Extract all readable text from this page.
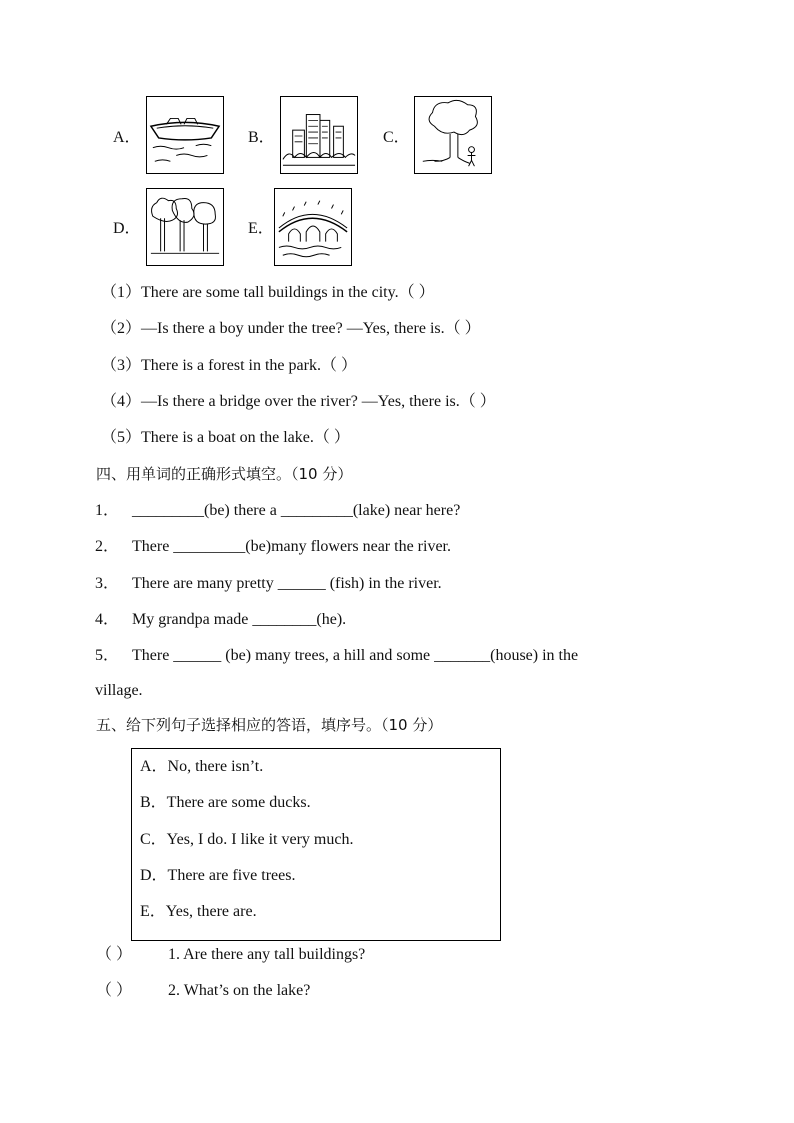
A．	B．	C．
D．	E．
（1）There are some tall buildings in the city.（ ）
（2）—Is there a boy under the tree? —Yes, there is.（ ）
（3）There is a forest in the park.（ ）
（4）—Is there a bridge over the river? —Yes, there is.（ ）
（5）There is a boat on the lake.（ ）
四、用单词的正确形式填空。（10 分）
1． _________(be) there a _________(lake) near here?
2． There _________(be)many flowers near the river.
3． There are many pretty ______ (fish) in the river.
4． My grandpa made ________(he).
5． There ______ (be) many trees, a hill and some _______(house) in the
village.
五、给下列句子选择相应的答语，填序号。（10 分）
A．No, there isn’t.
B．There are some ducks.
C．Yes, I do. I like it very much.
D．There are five trees.
E．Yes, there are.
（ ） 1. Are there any tall buildings?
（ ） 2. What’s on the lake?
